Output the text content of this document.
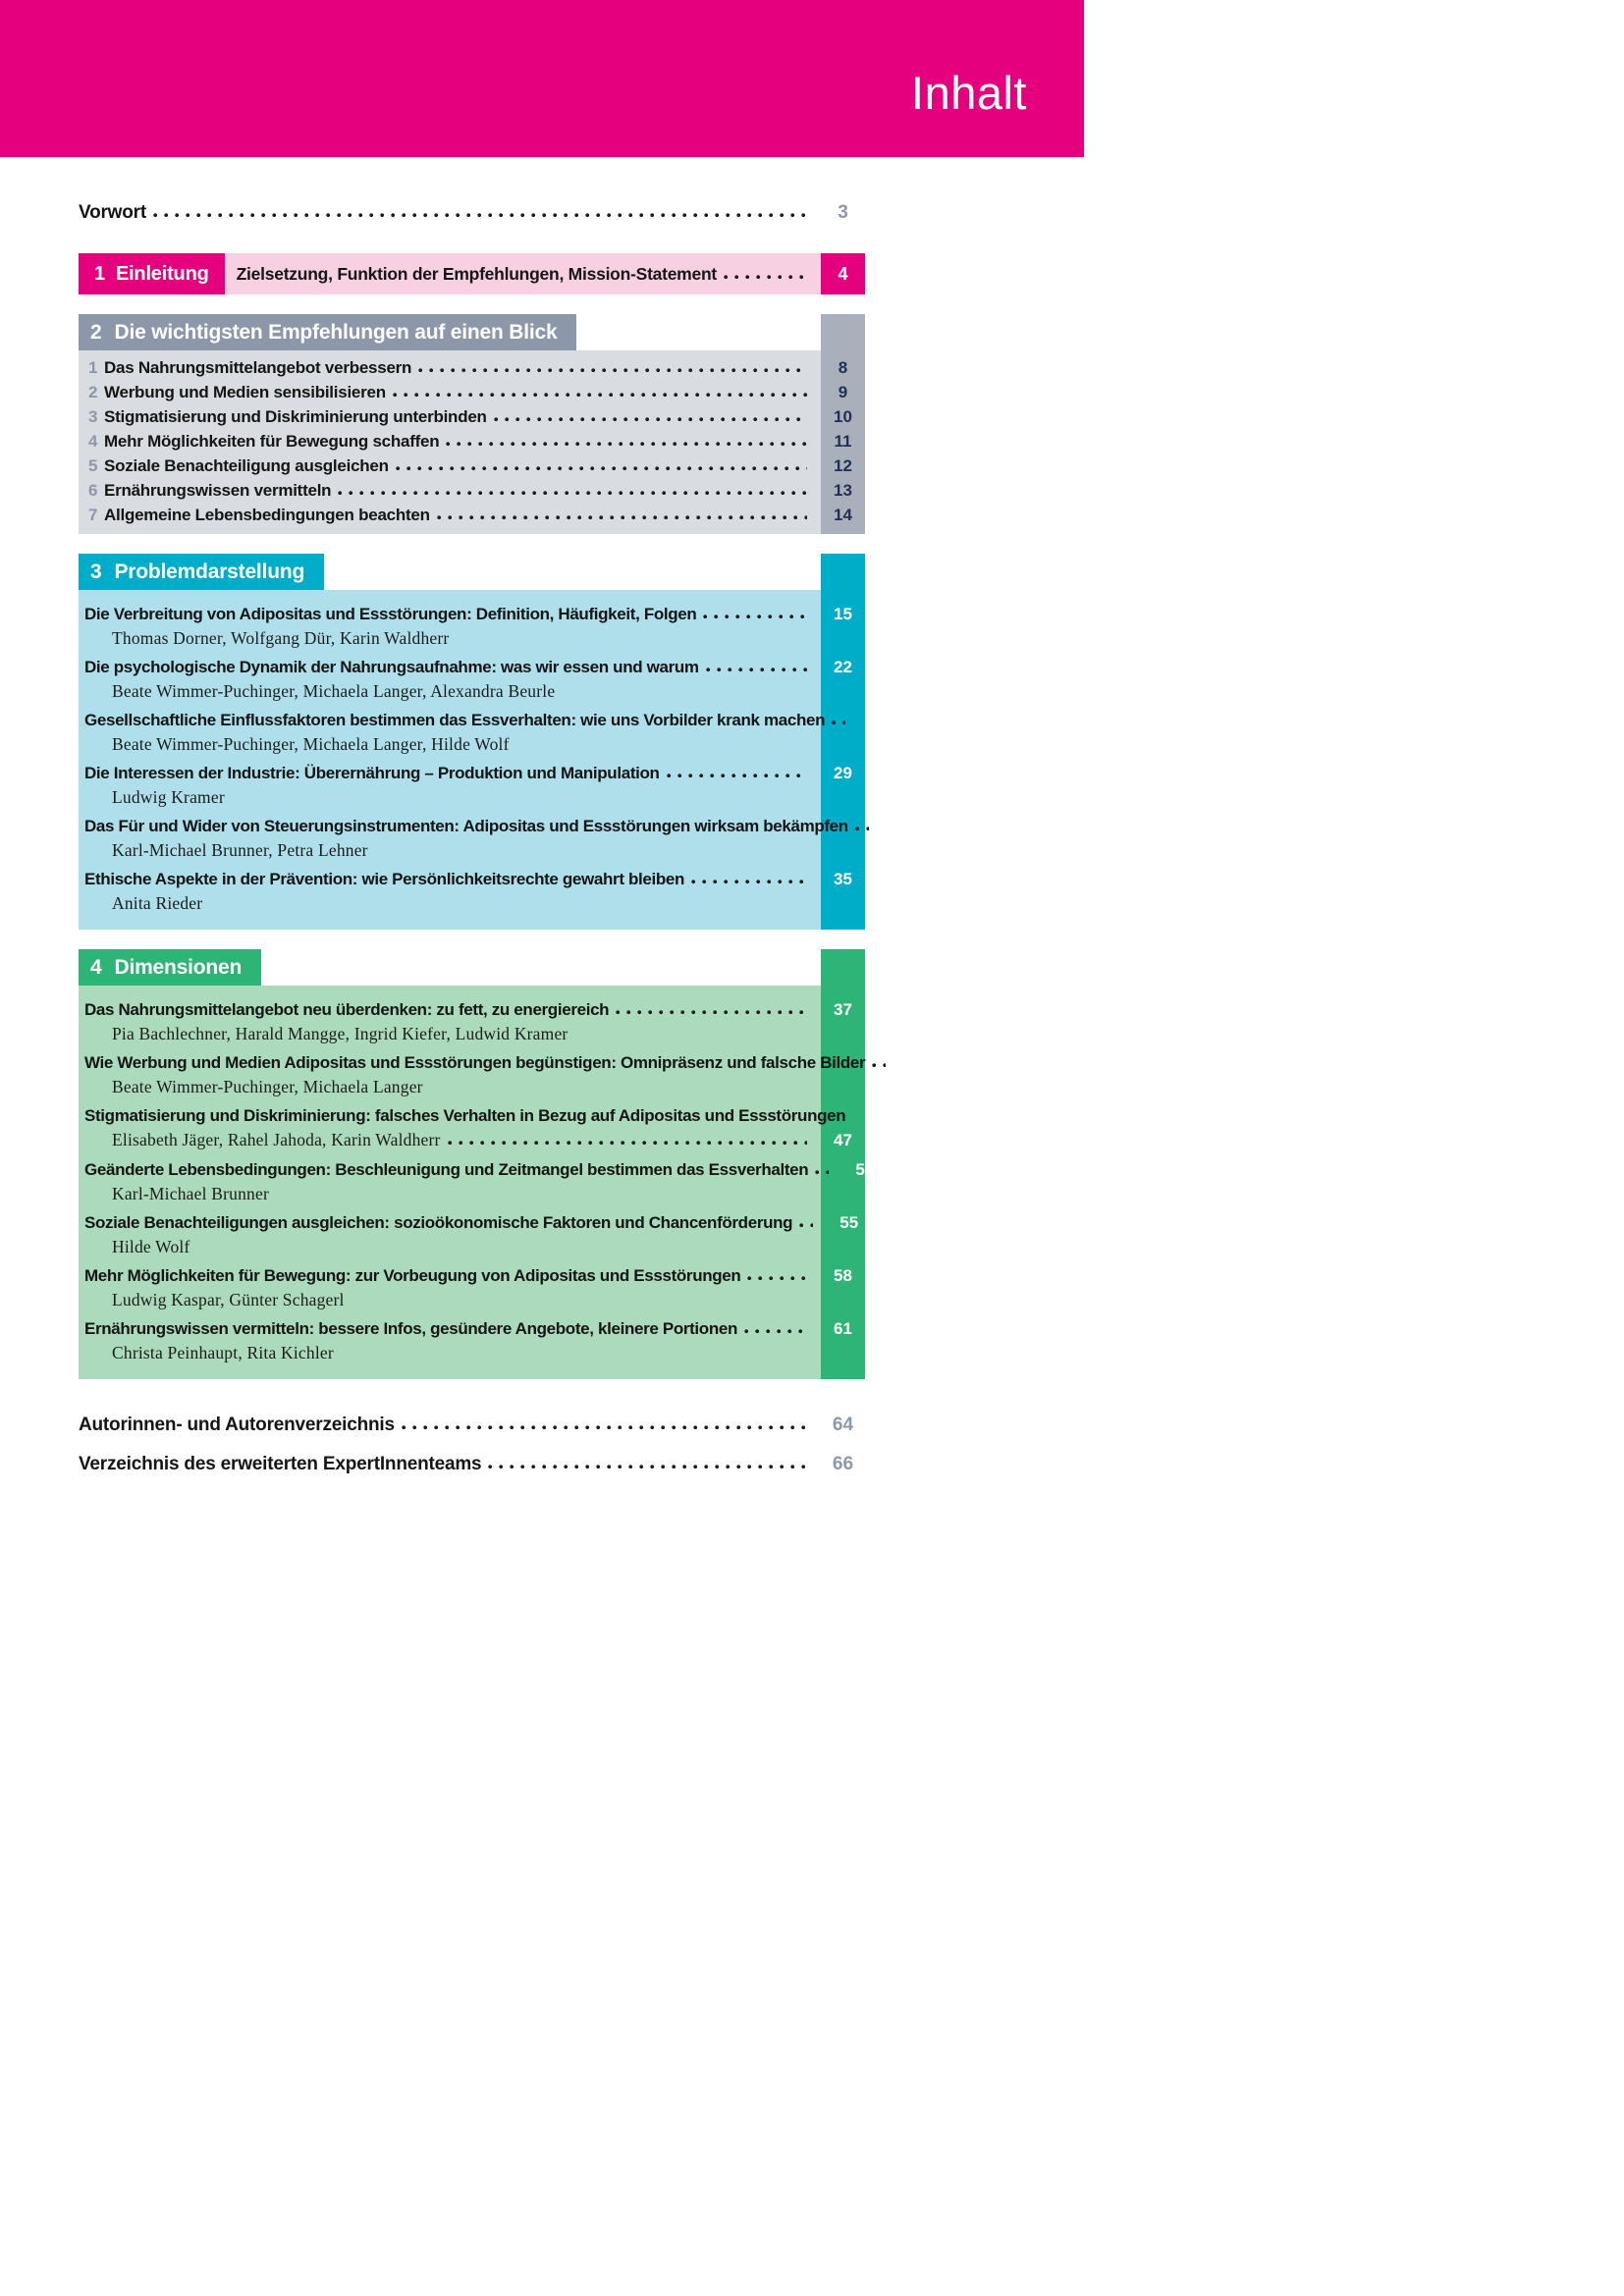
Inhalt
Vorwort	3
1 Einleitung Zielsetzung, Funktion der Empfehlungen, Mission-Statement	4
2 Die wichtigsten Empfehlungen auf einen Blick
1 Das Nahrungsmittelangebot verbessern	8
2 Werbung und Medien sensibilisieren	9
3 Stigmatisierung und Diskriminierung unterbinden	10
4 Mehr Möglichkeiten für Bewegung schaffen	11
5 Soziale Benachteiligung ausgleichen	12
6 Ernährungswissen vermitteln	13
7 Allgemeine Lebensbedingungen beachten	14
3 Problemdarstellung
Die Verbreitung von Adipositas und Essstörungen: Definition, Häufigkeit, Folgen	15
Thomas Dorner, Wolfgang Dür, Karin Waldherr
Die psychologische Dynamik der Nahrungsaufnahme: was wir essen und warum	22
Beate Wimmer-Puchinger, Michaela Langer, Alexandra Beurle
Gesellschaftliche Einflussfaktoren bestimmen das Essverhalten: wie uns Vorbilder krank machen	26
Beate Wimmer-Puchinger, Michaela Langer, Hilde Wolf
Die Interessen der Industrie: Überernährung – Produktion und Manipulation	29
Ludwig Kramer
Das Für und Wider von Steuerungsinstrumenten: Adipositas und Essstörungen wirksam bekämpfen	31
Karl-Michael Brunner, Petra Lehner
Ethische Aspekte in der Prävention: wie Persönlichkeitsrechte gewahrt bleiben	35
Anita Rieder
4 Dimensionen
Das Nahrungsmittelangebot neu überdenken: zu fett, zu energiereich	37
Pia Bachlechner, Harald Mangge, Ingrid Kiefer, Ludwid Kramer
Wie Werbung und Medien Adipositas und Essstörungen begünstigen: Omnipräsenz und falsche Bilder	40
Beate Wimmer-Puchinger, Michaela Langer
Stigmatisierung und Diskriminierung: falsches Verhalten in Bezug auf Adipositas und Essstörungen
Elisabeth Jäger, Rahel Jahoda, Karin Waldherr	47
Geänderte Lebensbedingungen: Beschleunigung und Zeitmangel bestimmen das Essverhalten	52
Karl-Michael Brunner
Soziale Benachteiligungen ausgleichen: sozioökonomische Faktoren und Chancenförderung	55
Hilde Wolf
Mehr Möglichkeiten für Bewegung: zur Vorbeugung von Adipositas und Essstörungen	58
Ludwig Kaspar, Günter Schagerl
Ernährungswissen vermitteln: bessere Infos, gesündere Angebote, kleinere Portionen	61
Christa Peinhaupt, Rita Kichler
Autorinnen- und Autorenverzeichnis	64
Verzeichnis des erweiterten ExpertInnenteams	66
